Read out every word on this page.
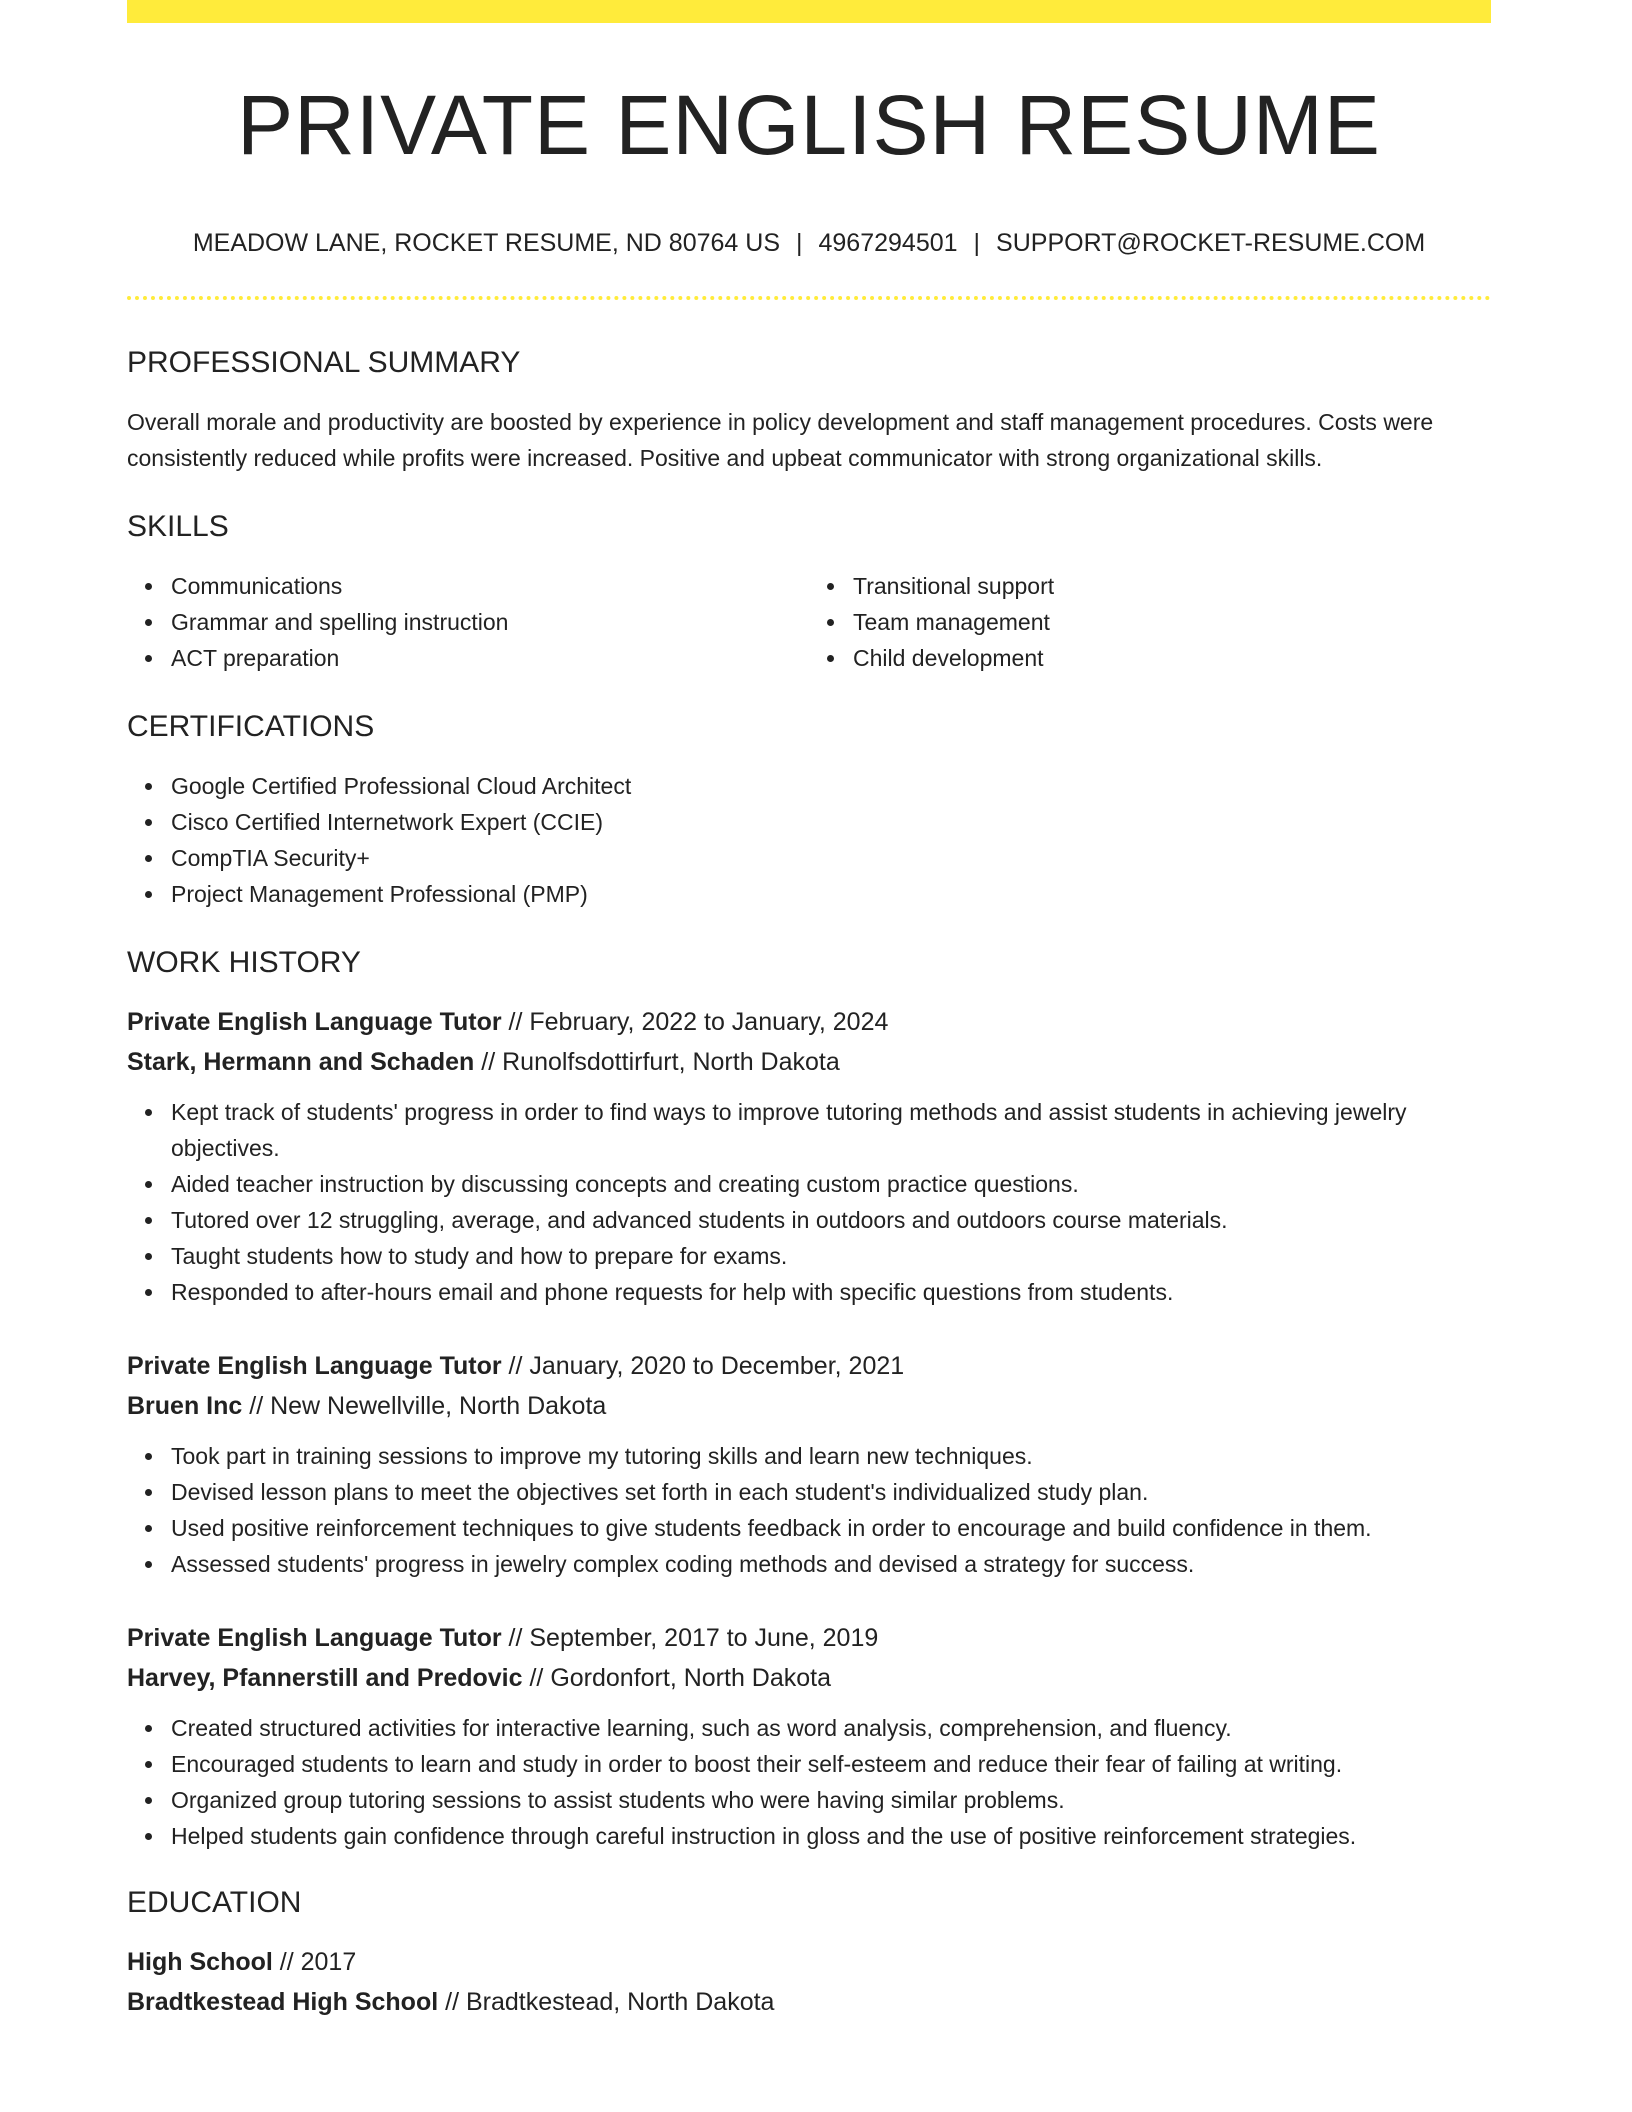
PRIVATE ENGLISH RESUME
MEADOW LANE, ROCKET RESUME, ND 80764 US | 4967294501 | SUPPORT@ROCKET-RESUME.COM
PROFESSIONAL SUMMARY
Overall morale and productivity are boosted by experience in policy development and staff management procedures. Costs were consistently reduced while profits were increased. Positive and upbeat communicator with strong organizational skills.
SKILLS
Communications
Grammar and spelling instruction
ACT preparation
Transitional support
Team management
Child development
CERTIFICATIONS
Google Certified Professional Cloud Architect
Cisco Certified Internetwork Expert (CCIE)
CompTIA Security+
Project Management Professional (PMP)
WORK HISTORY
Private English Language Tutor // February, 2022 to January, 2024
Stark, Hermann and Schaden // Runolfsdottirfurt, North Dakota
Kept track of students' progress in order to find ways to improve tutoring methods and assist students in achieving jewelry objectives.
Aided teacher instruction by discussing concepts and creating custom practice questions.
Tutored over 12 struggling, average, and advanced students in outdoors and outdoors course materials.
Taught students how to study and how to prepare for exams.
Responded to after-hours email and phone requests for help with specific questions from students.
Private English Language Tutor // January, 2020 to December, 2021
Bruen Inc // New Newellville, North Dakota
Took part in training sessions to improve my tutoring skills and learn new techniques.
Devised lesson plans to meet the objectives set forth in each student's individualized study plan.
Used positive reinforcement techniques to give students feedback in order to encourage and build confidence in them.
Assessed students' progress in jewelry complex coding methods and devised a strategy for success.
Private English Language Tutor // September, 2017 to June, 2019
Harvey, Pfannerstill and Predovic // Gordonfort, North Dakota
Created structured activities for interactive learning, such as word analysis, comprehension, and fluency.
Encouraged students to learn and study in order to boost their self-esteem and reduce their fear of failing at writing.
Organized group tutoring sessions to assist students who were having similar problems.
Helped students gain confidence through careful instruction in gloss and the use of positive reinforcement strategies.
EDUCATION
High School // 2017
Bradtkestead High School // Bradtkestead, North Dakota
